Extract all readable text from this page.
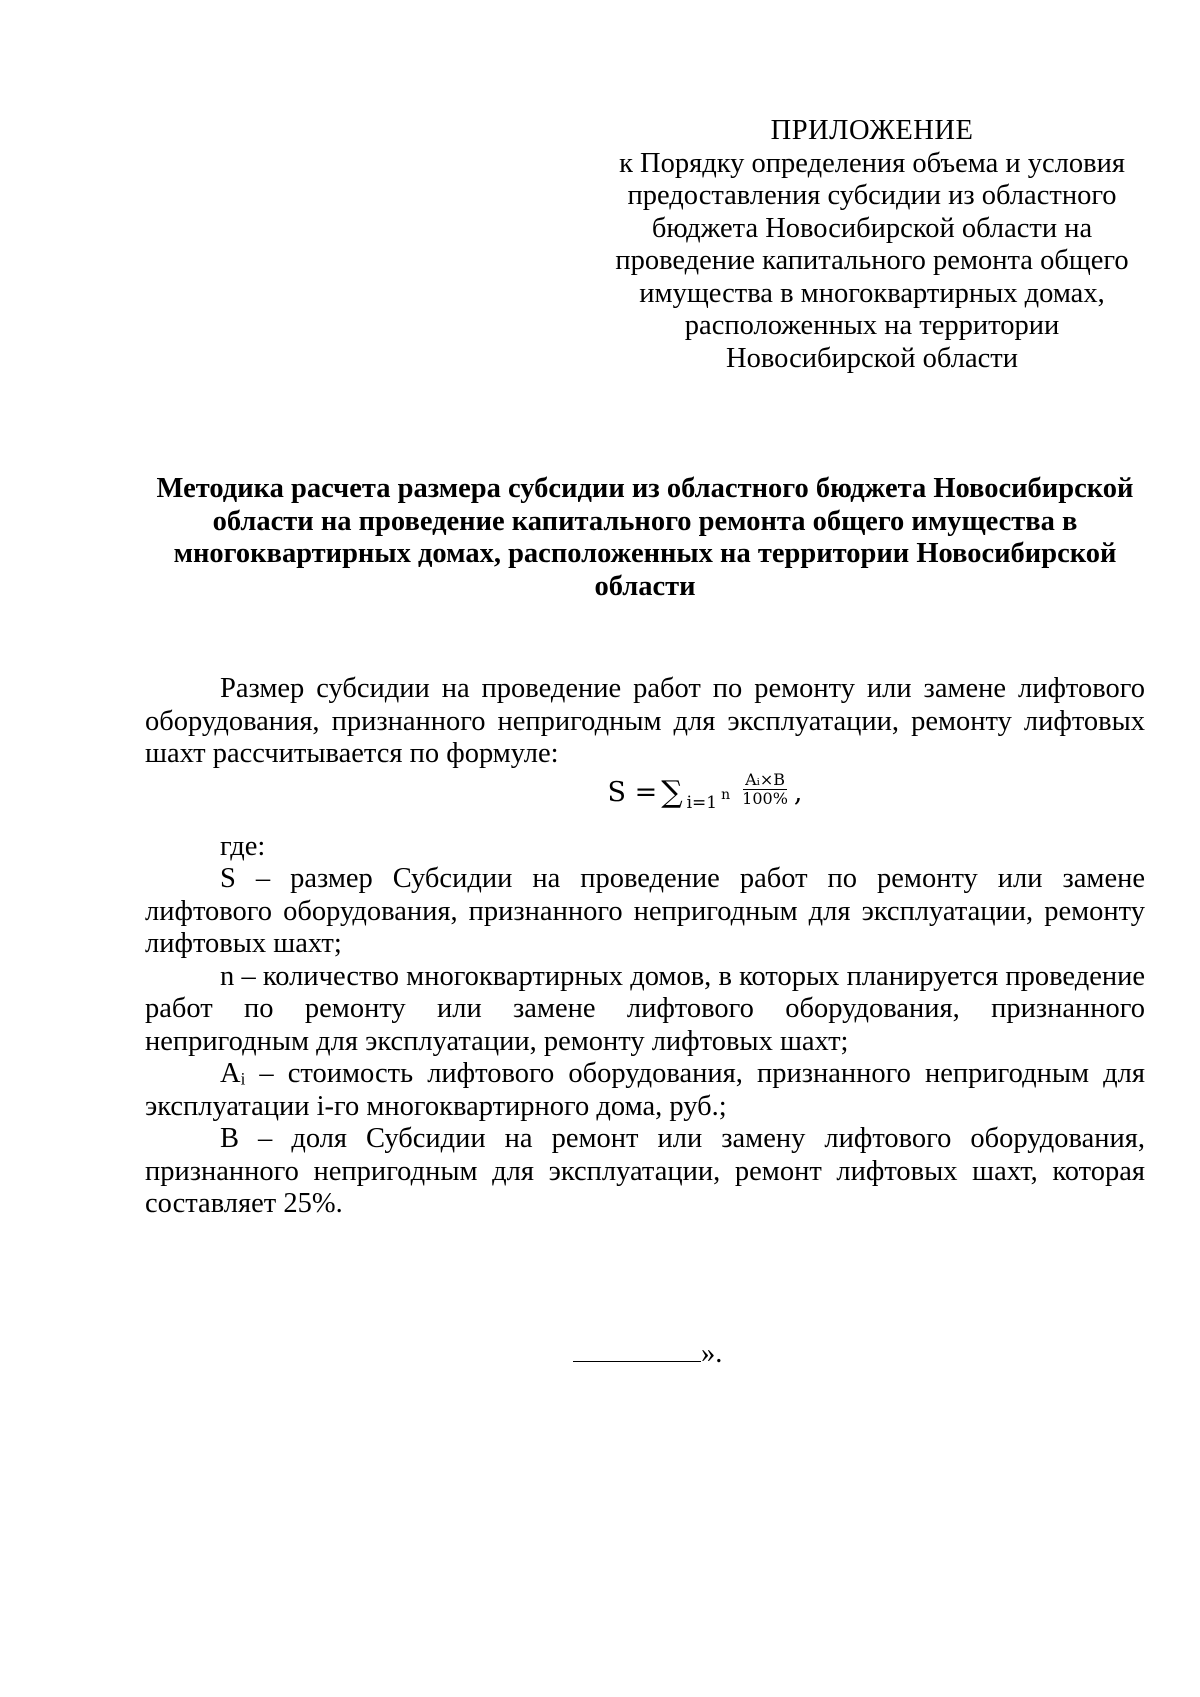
ПРИЛОЖЕНИЕ
к Порядку определения объема и условия
предоставления субсидии из областного
бюджета Новосибирской области на
проведение капитального ремонта общего
имущества в многоквартирных домах,
расположенных на территории
Новосибирской области
Методика расчета размера субсидии из областного бюджета Новосибирской
области на проведение капитального ремонта общего имущества в
многоквартирных домах, расположенных на территории Новосибирской
области

Размер субсидии на проведение работ по ремонту или замене лифтового оборудования, признанного непригодным для эксплуатации, ремонту лифтовых шахт рассчитывается по формуле:

S = ∑ i=1 n $\frac{\text{Aᵢ×B}}{100\%}$ ,

где:

S – размер Субсидии на проведение работ по ремонту или замене лифтового оборудования, признанного непригодным для эксплуатации, ремонту лифтовых шахт;

n – количество многоквартирных домов, в которых планируется проведение работ по ремонту или замене лифтового оборудования, признанного непригодным для эксплуатации, ремонту лифтовых шахт;

Aᵢ – стоимость лифтового оборудования, признанного непригодным для эксплуатации i-го многоквартирного дома, руб.;

B – доля Субсидии на ремонт или замену лифтового оборудования, признанного непригодным для эксплуатации, ремонт лифтовых шахт, которая составляет 25%.

».
